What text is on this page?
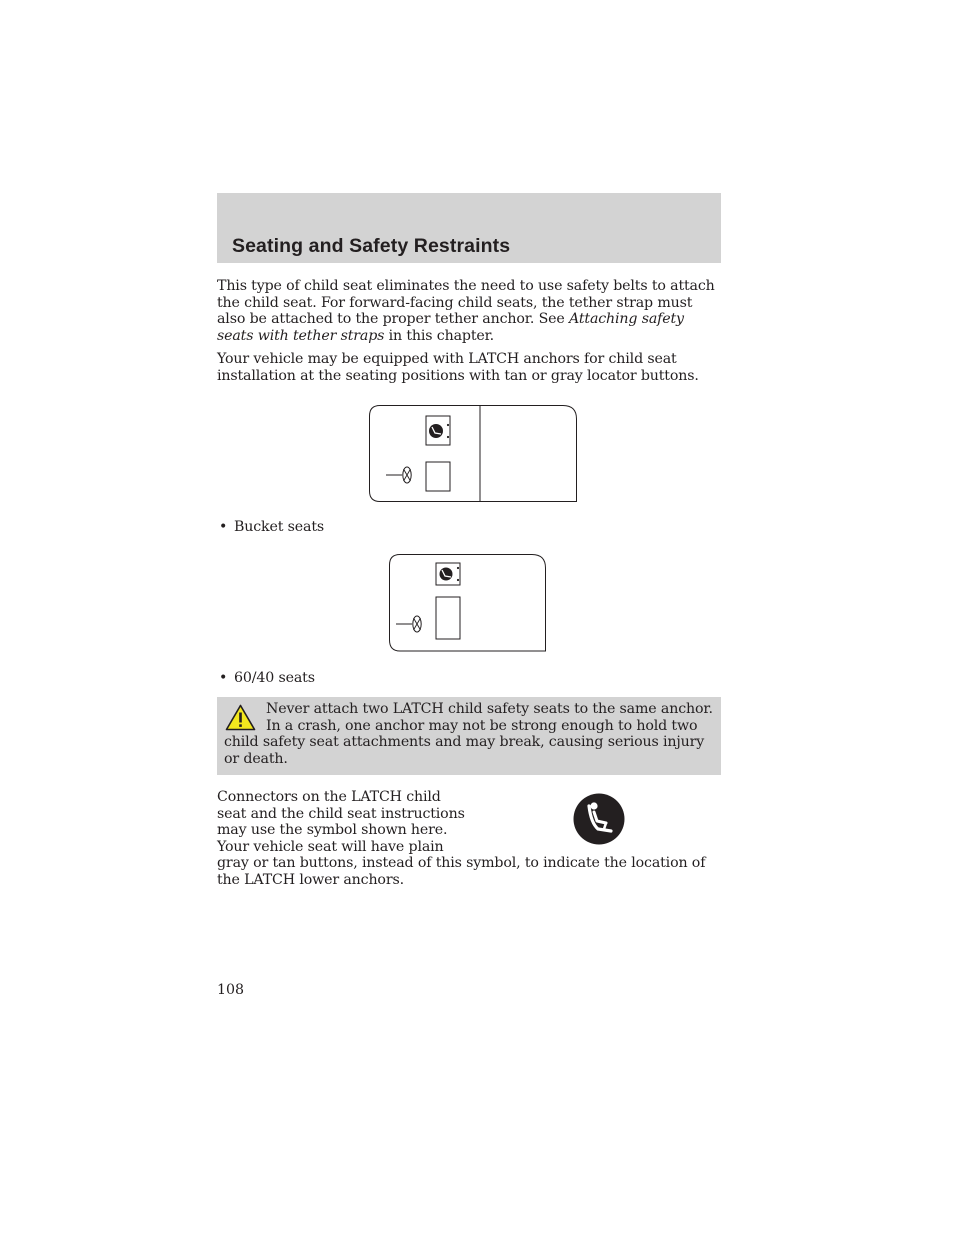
Seating and Safety Restraints

This type of child seat eliminates the need to use safety belts to attach the child seat. For forward-facing child seats, the tether strap must also be attached to the proper tether anchor. See Attaching safety seats with tether straps in this chapter.

Your vehicle may be equipped with LATCH anchors for child seat installation at the seating positions with tan or gray locator buttons.

• Bucket seats

• 60/40 seats

Never attach two LATCH child safety seats to the same anchor. In a crash, one anchor may not be strong enough to hold two child safety seat attachments and may break, causing serious injury or death.

Connectors on the LATCH child seat and the child seat instructions may use the symbol shown here. Your vehicle seat will have plain gray or tan buttons, instead of this symbol, to indicate the location of the LATCH lower anchors.

108
